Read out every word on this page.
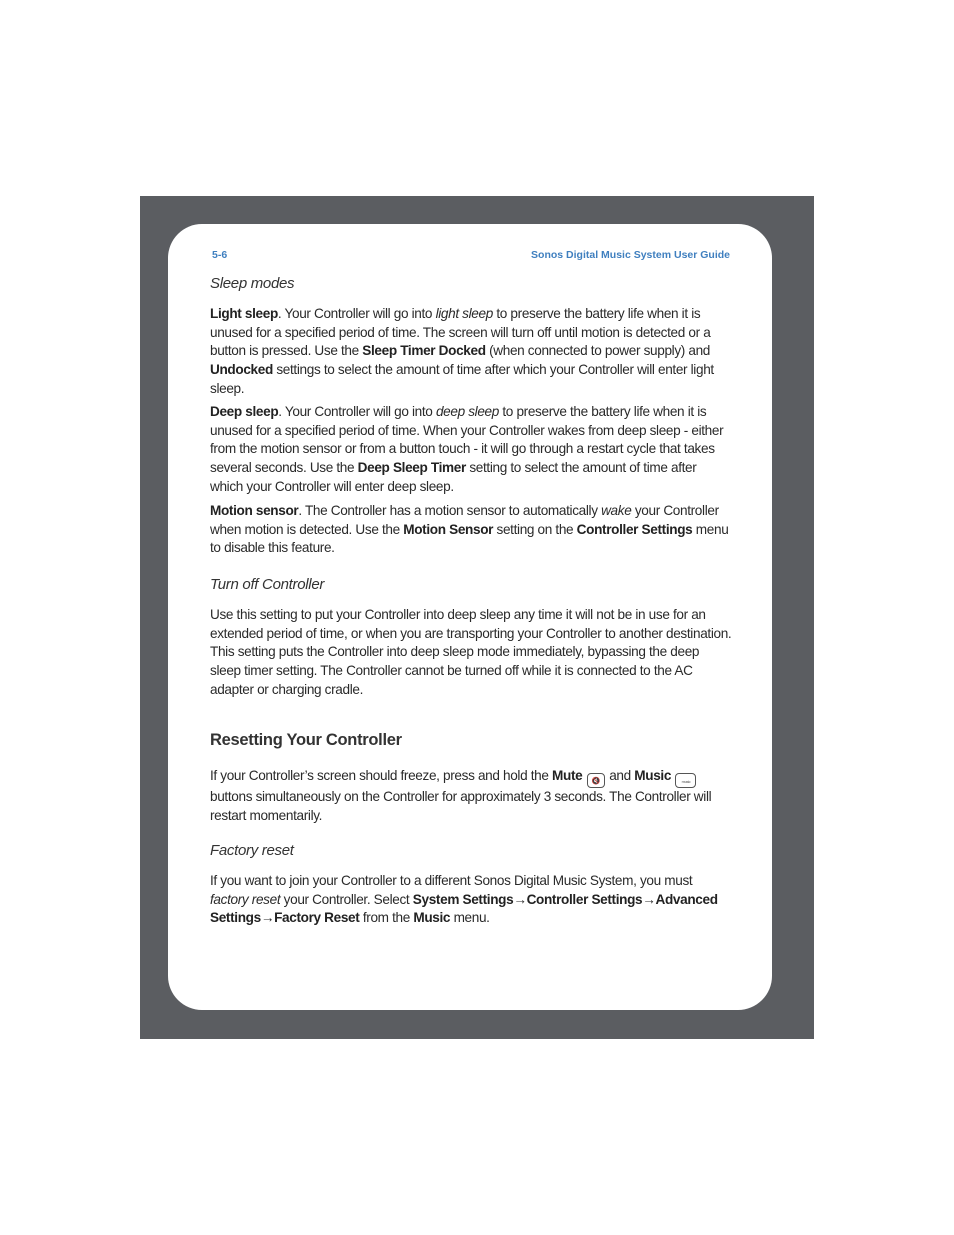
5-6	Sonos Digital Music System User Guide
Sleep modes
Light sleep. Your Controller will go into light sleep to preserve the battery life when it is unused for a specified period of time. The screen will turn off until motion is detected or a button is pressed. Use the Sleep Timer Docked (when connected to power supply) and Undocked settings to select the amount of time after which your Controller will enter light sleep.
Deep sleep. Your Controller will go into deep sleep to preserve the battery life when it is unused for a specified period of time. When your Controller wakes from deep sleep - either from the motion sensor or from a button touch - it will go through a restart cycle that takes several seconds. Use the Deep Sleep Timer setting to select the amount of time after which your Controller will enter deep sleep.
Motion sensor. The Controller has a motion sensor to automatically wake your Controller when motion is detected. Use the Motion Sensor setting on the Controller Settings menu to disable this feature.
Turn off Controller
Use this setting to put your Controller into deep sleep any time it will not be in use for an extended period of time, or when you are transporting your Controller to another destination. This setting puts the Controller into deep sleep mode immediately, bypassing the deep sleep timer setting. The Controller cannot be turned off while it is connected to the AC adapter or charging cradle.
Resetting Your Controller
If your Controller’s screen should freeze, press and hold the Mute 🔇 and Music	music buttons simultaneously on the Controller for approximately 3 seconds. The Controller will restart momentarily.
Factory reset
If you want to join your Controller to a different Sonos Digital Music System, you must factory reset your Controller. Select System Settings→Controller Settings→Advanced Settings→Factory Reset from the Music menu.
